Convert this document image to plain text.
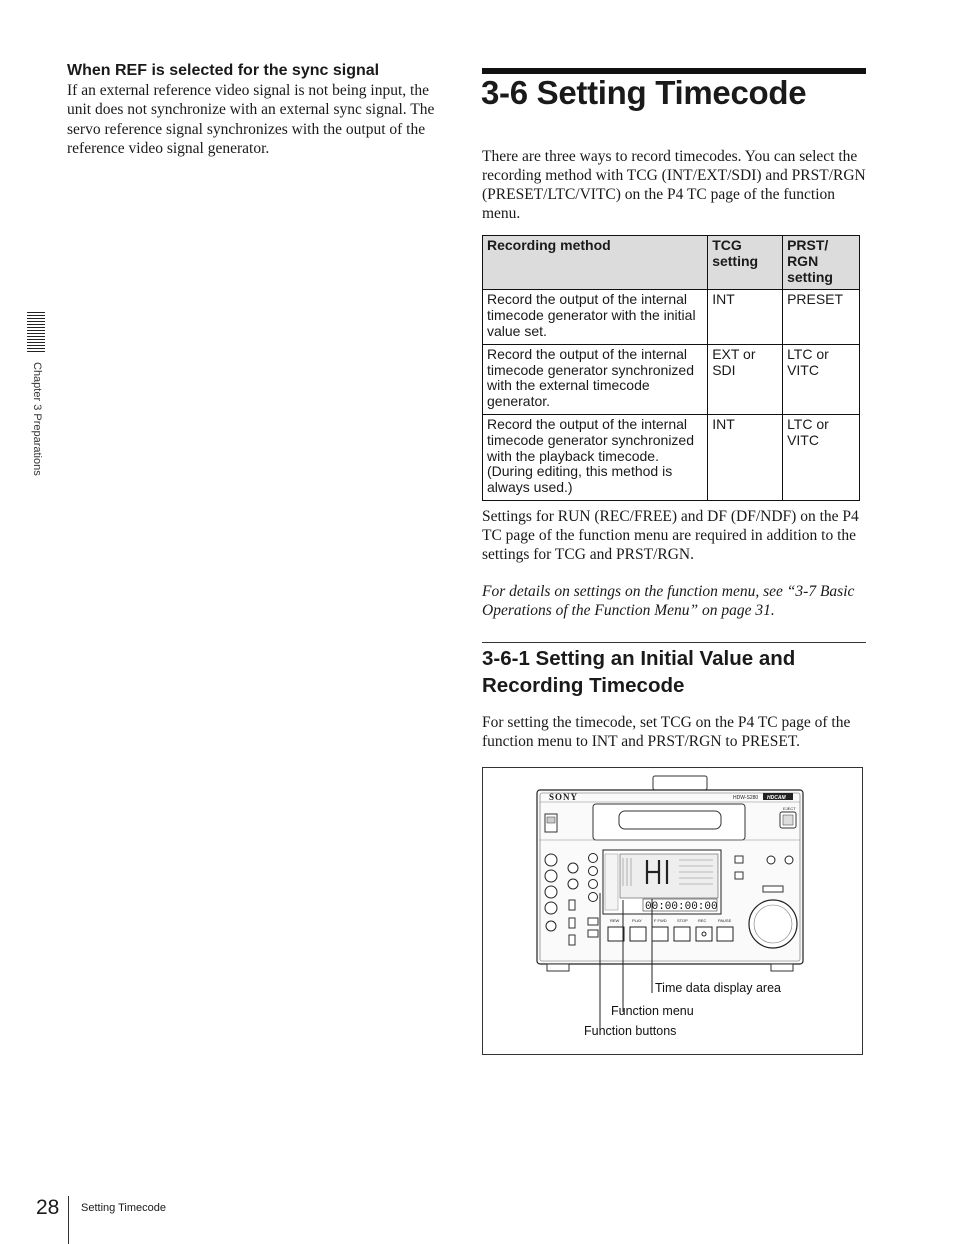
When REF is selected for the sync signal
If an external reference video signal is not being input, the unit does not synchronize with an external sync signal. The servo reference signal synchronizes with the output of the reference video signal generator.
Chapter 3 Preparations
3-6 Setting Timecode
There are three ways to record timecodes. You can select the recording method with TCG (INT/EXT/SDI) and PRST/RGN (PRESET/LTC/VITC) on the P4 TC page of the function menu.
Recording method	TCG setting	PRST/ RGN setting
Record the output of the internal timecode generator with the initial value set.	INT	PRESET
Record the output of the internal timecode generator synchronized with the external timecode generator.	EXT or SDI	LTC or VITC
Record the output of the internal timecode generator synchronized with the playback timecode. (During editing, this method is always used.)	INT	LTC or VITC
Settings for RUN (REC/FREE) and DF (DF/NDF) on the P4 TC page of the function menu are required in addition to the settings for TCG and PRST/RGN.
For details on settings on the function menu, see “3-7 Basic Operations of the Function Menu” on page 31.
3-6-1 Setting an Initial Value and Recording Timecode
For setting the timecode, set TCG on the P4 TC page of the function menu to INT and PRST/RGN to PRESET.
SONY	HDW-S280 HDCAM
EJECT
00:00:00:00
REW	PLAY	F FWD	STOP	REC	PAUSE
Time data display area
Function menu
Function buttons
28 Setting Timecode
